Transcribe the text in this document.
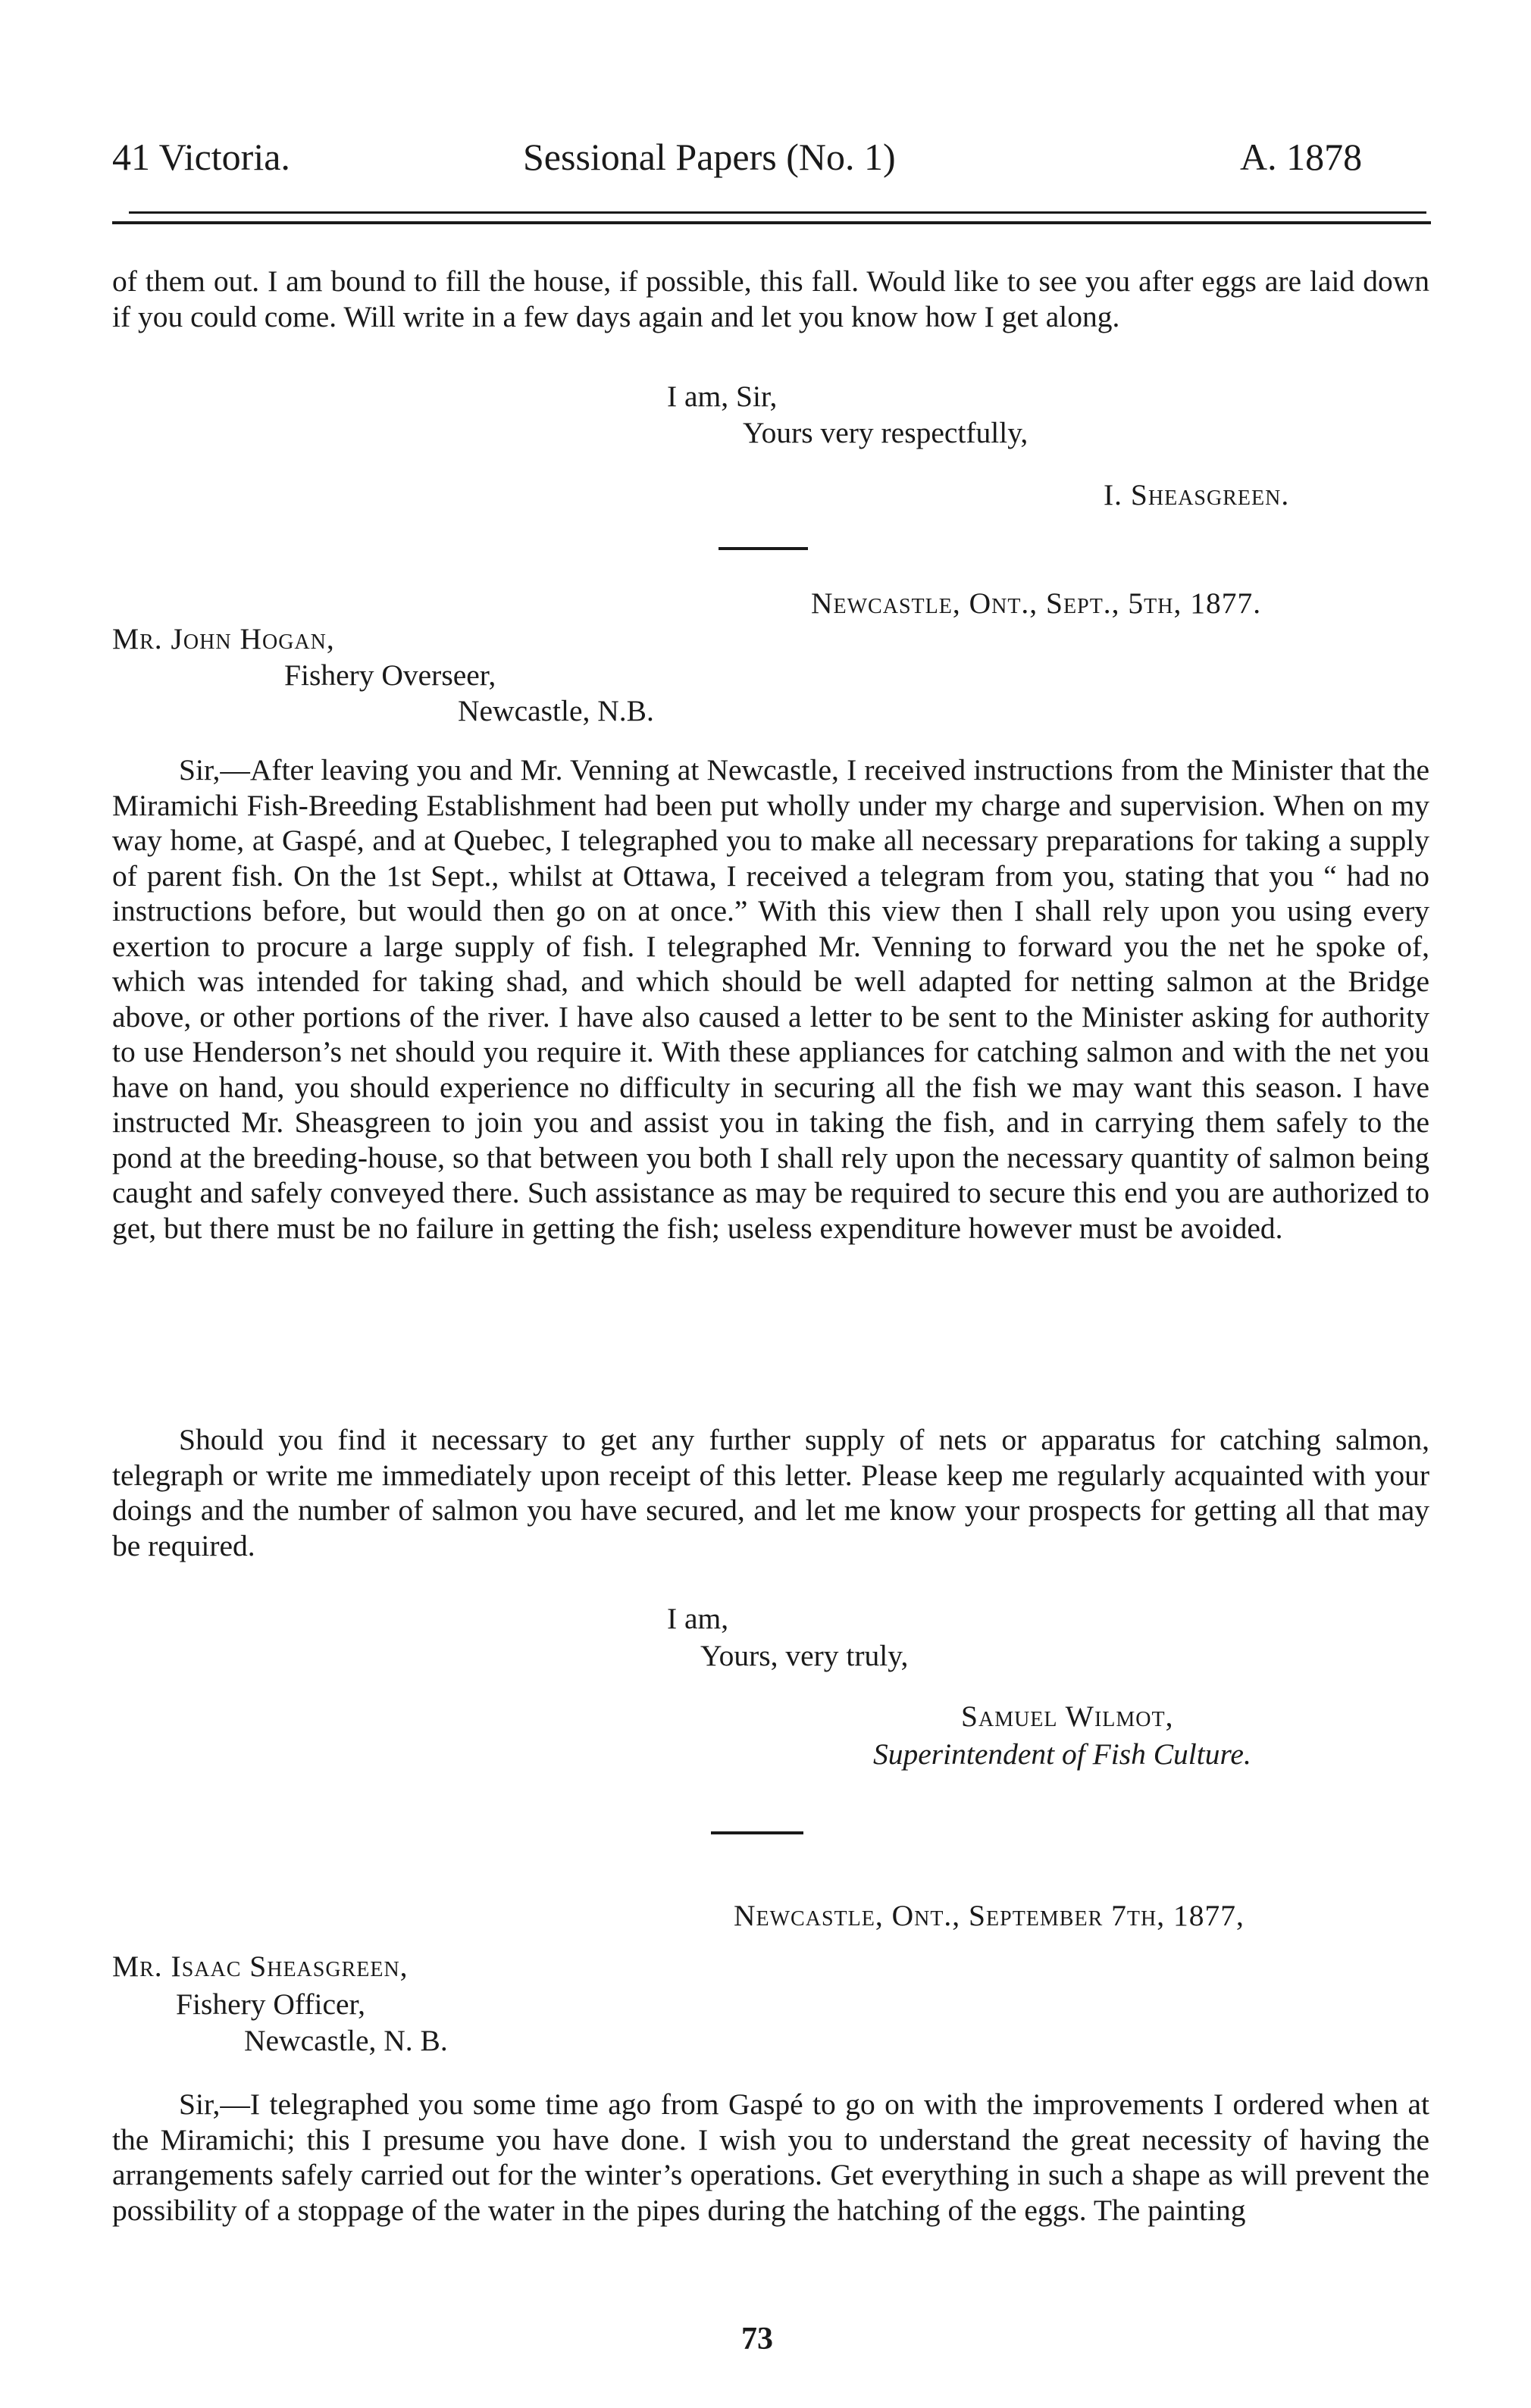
41 Victoria.	Sessional Papers (No. 1)	A. 1878

of them out. I am bound to fill the house, if possible, this fall. Would like to see you after eggs are laid down if you could come. Will write in a few days again and let you know how I get along.

I am, Sir,
Yours very respectfully,
I. Sheasgreen.
Newcastle, Ont., Sept., 5th, 1877.
Mr. John Hogan,
Fishery Overseer,
Newcastle, N.B.

Sir,—After leaving you and Mr. Venning at Newcastle, I received instructions from the Minister that the Miramichi Fish-Breeding Establishment had been put wholly under my charge and supervision. When on my way home, at Gaspé, and at Quebec, I telegraphed you to make all necessary preparations for taking a supply of parent fish. On the 1st Sept., whilst at Ottawa, I received a telegram from you, stating that you “ had no instructions before, but would then go on at once.” With this view then I shall rely upon you using every exertion to procure a large supply of fish. I telegraphed Mr. Venning to forward you the net he spoke of, which was intended for taking shad, and which should be well adapted for netting salmon at the Bridge above, or other portions of the river. I have also caused a letter to be sent to the Minister asking for authority to use Henderson’s net should you require it. With these appliances for catching salmon and with the net you have on hand, you should experience no difficulty in securing all the fish we may want this season. I have instructed Mr. Sheasgreen to join you and assist you in taking the fish, and in carrying them safely to the pond at the breeding-house, so that between you both I shall rely upon the necessary quantity of salmon being caught and safely conveyed there. Such assistance as may be required to secure this end you are authorized to get, but there must be no failure in getting the fish; useless expenditure however must be avoided.

Should you find it necessary to get any further supply of nets or apparatus for catching salmon, telegraph or write me immediately upon receipt of this letter. Please keep me regularly acquainted with your doings and the number of salmon you have secured, and let me know your prospects for getting all that may be required.

I am,
Yours, very truly,
Samuel Wilmot,
Superintendent of Fish Culture.
Newcastle, Ont., September 7th, 1877,
Mr. Isaac Sheasgreen,
Fishery Officer,
Newcastle, N. B.

Sir,—I telegraphed you some time ago from Gaspé to go on with the improvements I ordered when at the Miramichi; this I presume you have done. I wish you to understand the great necessity of having the arrangements safely carried out for the winter’s operations. Get everything in such a shape as will prevent the possibility of a stoppage of the water in the pipes during the hatching of the eggs. The painting

73
